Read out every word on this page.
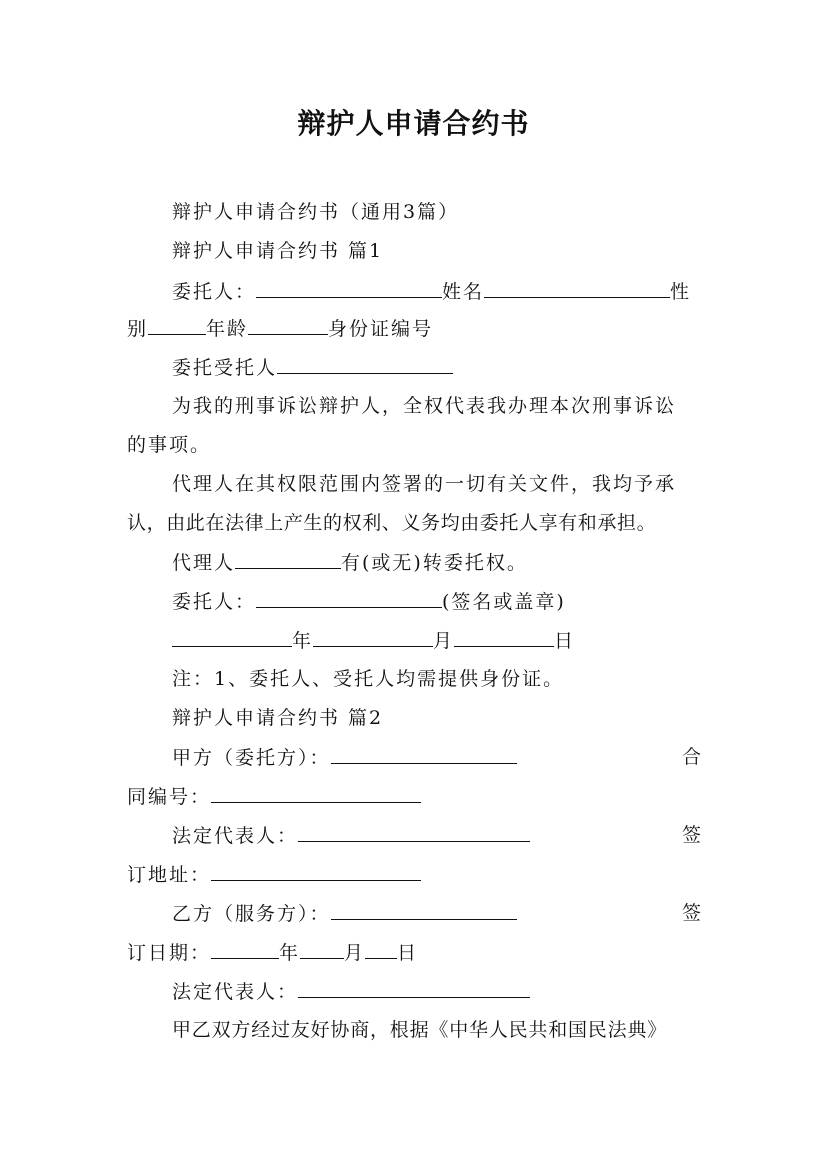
辩护人申请合约书
辩护人申请合约书（通用3篇）
辩护人申请合约书 篇1
委托人：	姓名	性
别	年龄	身份证编号
委托受托人
为我的刑事诉讼辩护人，全权代表我办理本次刑事诉讼
的事项。
代理人在其权限范围内签署的一切有关文件，我均予承
认，由此在法律上产生的权利、义务均由委托人享有和承担。
代理人	有(或无)转委托权。
委托人：	(签名或盖章)
年	月	日
注：1、委托人、受托人均需提供身份证。
辩护人申请合约书 篇2
甲方（委托方）：	合
同编号：
法定代表人：	签
订地址：
乙方（服务方）：	签
订日期：	年 月 日
法定代表人：
甲乙双方经过友好协商，根据《中华人民共和国民法典》
